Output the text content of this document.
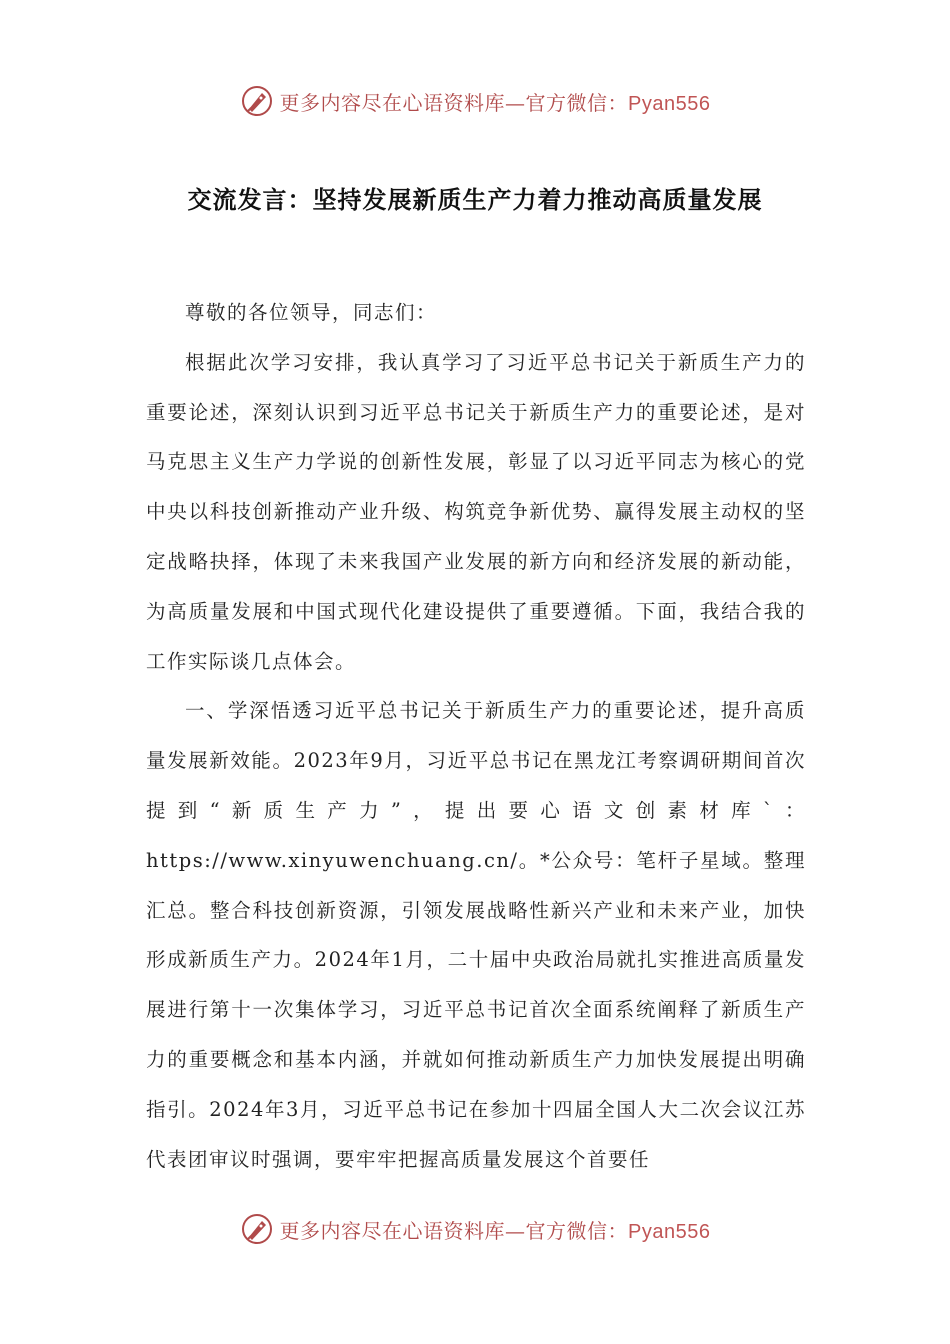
更多内容尽在心语资料库—官方微信：Pyan556
交流发言：坚持发展新质生产力着力推动高质量发展

尊敬的各位领导，同志们：

根据此次学习安排，我认真学习了习近平总书记关于新质生产力的重要论述，深刻认识到习近平总书记关于新质生产力的重要论述，是对马克思主义生产力学说的创新性发展，彰显了以习近平同志为核心的党中央以科技创新推动产业升级、构筑竞争新优势、赢得发展主动权的坚定战略抉择，体现了未来我国产业发展的新方向和经济发展的新动能，为高质量发展和中国式现代化建设提供了重要遵循。下面，我结合我的工作实际谈几点体会。

一、学深悟透习近平总书记关于新质生产力的重要论述，提升高质量发展新效能。2023年9月，习近平总书记在黑龙江考察调研期间首次提到“新质生产力”，提出要心语文创素材库`：https://www.xinyuwenchuang.cn/。*公众号：笔杆子星域。整理汇总。整合科技创新资源，引领发展战略性新兴产业和未来产业，加快形成新质生产力。2024年1月，二十届中央政治局就扎实推进高质量发展进行第十一次集体学习，习近平总书记首次全面系统阐释了新质生产力的重要概念和基本内涵，并就如何推动新质生产力加快发展提出明确指引。2024年3月，习近平总书记在参加十四届全国人大二次会议江苏代表团审议时强调，要牢牢把握高质量发展这个首要任

更多内容尽在心语资料库—官方微信：Pyan556
